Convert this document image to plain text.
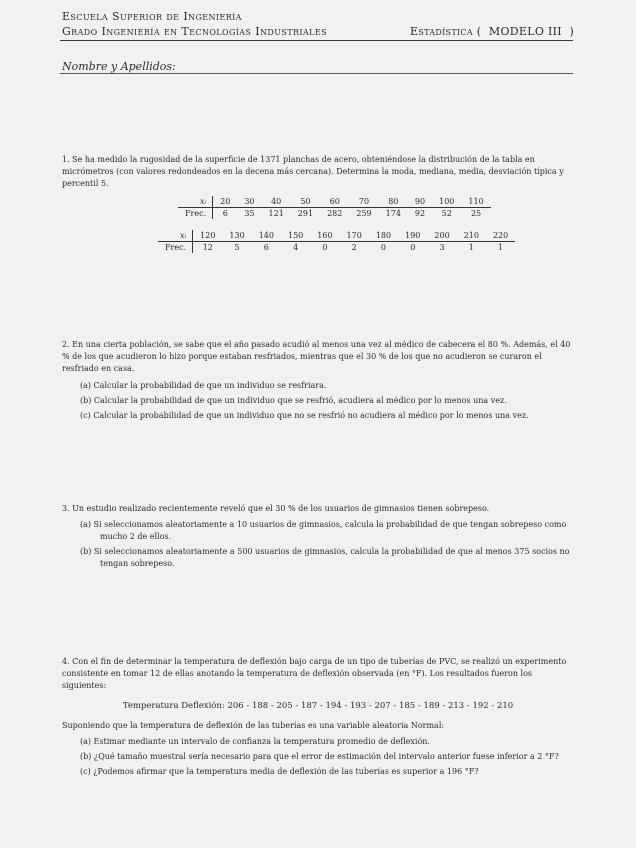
Escuela Superior de Ingeniería
Grado Ingeniería en Tecnologías Industriales	Estadística (  MODELO III  )
Nombre y Apellidos:

1. Se ha medido la rugosidad de la superficie de 1371 planchas de acero, obteniéndose la distribución de la tabla en micrómetros (con valores redondeados en la decena más cercana). Determina la moda, mediana, media, desviación típica y percentil 5.

xᵢ	20	30	40	50	60	70	80	90	100	110
Frec.	6	35	121	291	282	259	174	92	52	25
xᵢ	120	130	140	150	160	170	180	190	200	210	220
Frec.	12	5	6	4	0	2	0	0	3	1	1

2. En una cierta población, se sabe que el año pasado acudió al menos una vez al médico de cabecera el 80 %. Además, el 40 % de los que acudieron lo hizo porque estaban resfriados, mientras que el 30 % de los que no acudieron se curaron el resfriado en casa.

(a) Calcular la probabilidad de que un individuo se resfriara.

(b) Calcular la probabilidad de que un individuo que se resfrió, acudiera al médico por lo menos una vez.

(c) Calcular la probabilidad de que un individuo que no se resfrió no acudiera al médico por lo menos una vez.

3. Un estudio realizado recientemente reveló que el 30 % de los usuarios de gimnasios tienen sobrepeso.

(a) Si seleccionamos aleatoriamente a 10 usuarios de gimnasios, calcula la probabilidad de que tengan sobrepeso como mucho 2 de ellos.

(b) Si seleccionamos aleatoriamente a 500 usuarios de gimnasios, calcula la probabilidad de que al menos 375 socios no tengan sobrepeso.

4. Con el fin de determinar la temperatura de deflexión bajo carga de un tipo de tuberías de PVC, se realizó un experimento consistente en tomar 12 de ellas anotando la temperatura de deflexión observada (en °F). Los resultados fueron los siguientes:

Temperatura Deflexión: 206 - 188 - 205 - 187 - 194 - 193 - 207 - 185 - 189 - 213 - 192 - 210

Suponiendo que la temperatura de deflexión de las tuberías es una variable aleatoria Normal:

(a) Estimar mediante un intervalo de confianza la temperatura promedio de deflexión.

(b) ¿Qué tamaño muestral sería necesario para que el error de estimación del intervalo anterior fuese inferior a 2 °F?

(c) ¿Podemos afirmar que la temperatura media de deflexión de las tuberías es superior a 196 °F?
